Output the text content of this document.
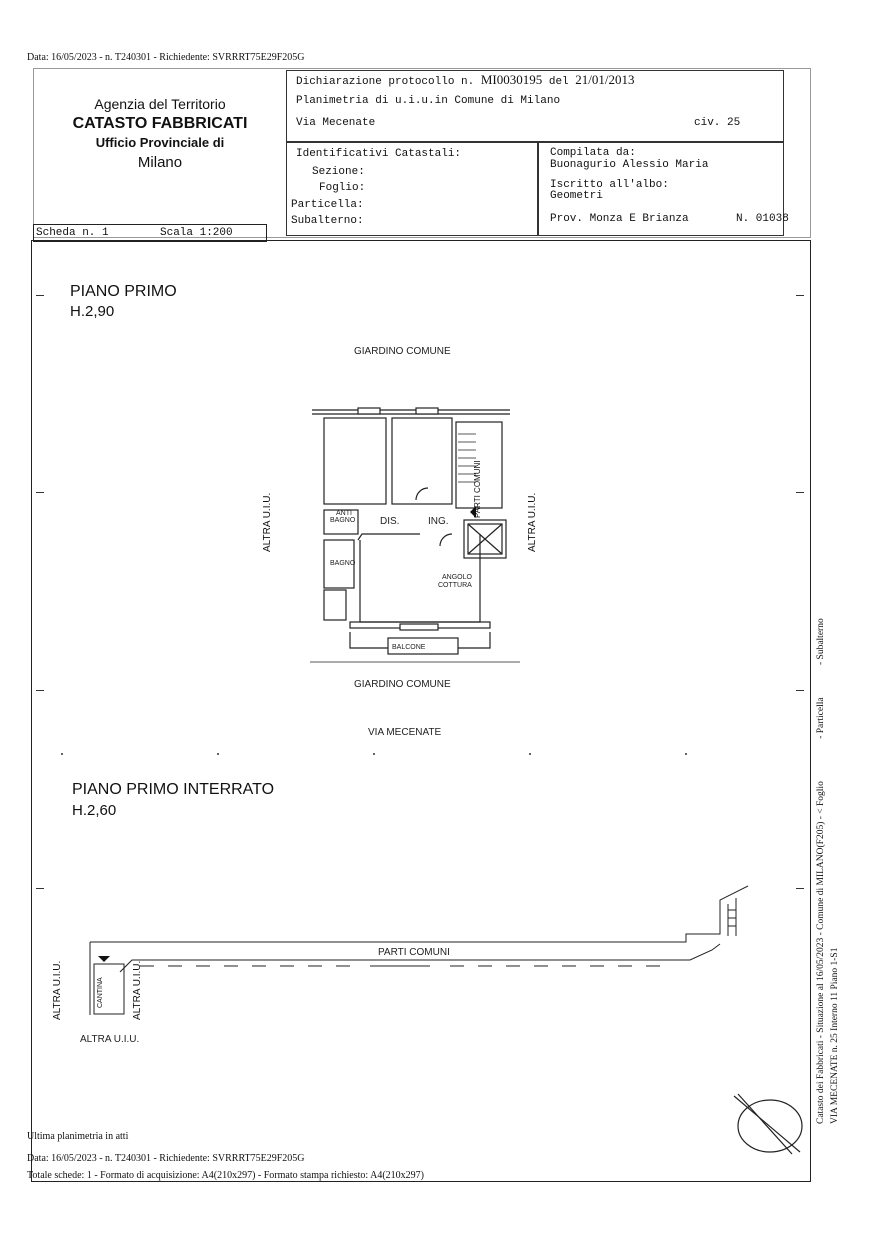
Data: 16/05/2023 - n. T240301 - Richiedente: SVRRRT75E29F205G
Agenzia del Territorio
CATASTO FABBRICATI
Ufficio Provinciale di
Milano
Dichiarazione protocollo n. MI0030195 del 21/01/2013
Planimetria di u.i.u.in Comune di Milano
Via Mecenate	civ. 25
Identificativi Catastali:
Sezione:
Foglio:
Particella:
Subalterno:
Compilata da:
Buonagurio Alessio Maria
Iscritto all'albo:
Geometri
Prov. Monza E Brianza	N. 01038
Scheda n. 1	Scala 1:200
PIANO PRIMO
H.2,90
GIARDINO COMUNE
GIARDINO COMUNE
VIA MECENATE
ALTRA U.I.U.	ALTRA U.I.U.
ANTI
BAGNO DIS.	ING.
BAGNO
ANGOLO
COTTURA
BALCONE
PARTI COMUNI
PIANO PRIMO INTERRATO
H.2,60
PARTI COMUNI
CANTINA
ALTRA U.I.U.	ALTRA U.I.U.
ALTRA U.I.U.	Catasto dei Fabbricati - Situazione al 16/05/2023 - Comune di MILANO(F205) - < Foglio - Particella - Subalterno
VIA MECENATE n. 25 Interno 11 Piano 1-S1
Ultima planimetria in atti
Data: 16/05/2023 - n. T240301 - Richiedente: SVRRRT75E29F205G
Totale schede: 1 - Formato di acquisizione: A4(210x297) - Formato stampa richiesto: A4(210x297)
